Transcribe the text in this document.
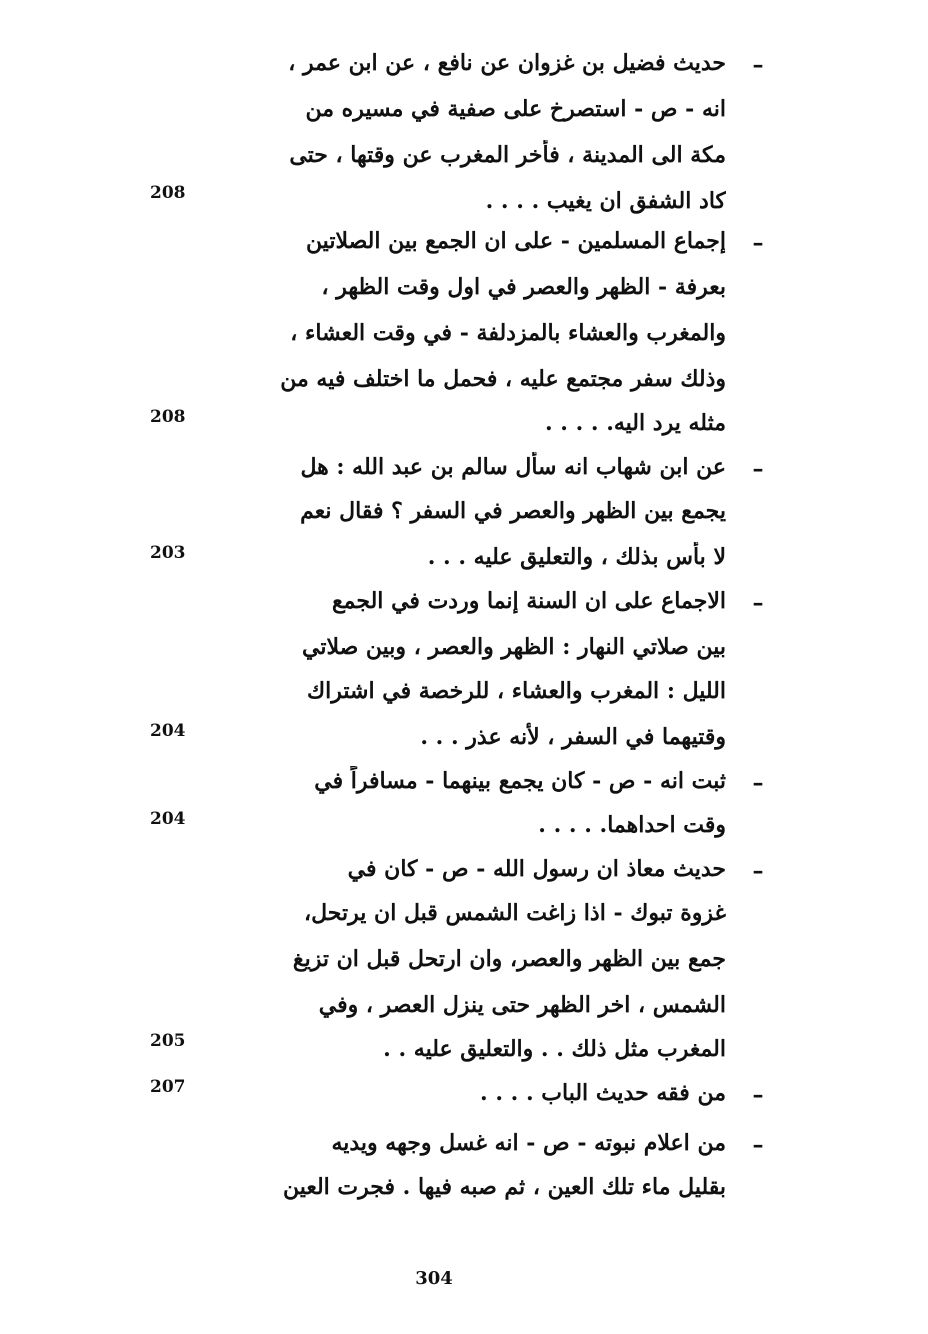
–
حديث فضيل بن غزوان عن نافع ، عن ابن عمر ،
انه - ص - استصرخ على صفية في مسيره من
مكة الى المدينة ، فأخر المغرب عن وقتها ، حتى
كاد الشفق ان يغيب . . . .
208
–
إجماع المسلمين - على ان الجمع بين الصلاتين
بعرفة - الظهر والعصر في اول وقت الظهر ،
والمغرب والعشاء بالمزدلفة - في وقت العشاء ،
وذلك سفر مجتمع عليه ، فحمل ما اختلف فيه من
مثله يرد اليه. . . . .
208
–
عن ابن شهاب انه سأل سالم بن عبد الله : هل
يجمع بين الظهر والعصر في السفر ؟ فقال نعم
لا بأس بذلك ، والتعليق عليه . . .
203
–
الاجماع على ان السنة إنما وردت في الجمع
بين صلاتي النهار : الظهر والعصر ، وبين صلاتي
الليل : المغرب والعشاء ، للرخصة في اشتراك
وقتيهما في السفر ، لأنه عذر . . .
204
–
ثبت انه - ص - كان يجمع بينهما - مسافراً في
وقت احداهما. . . . .
204
–
حديث معاذ ان رسول الله - ص - كان في
غزوة تبوك - اذا زاغت الشمس قبل ان يرتحل،
جمع بين الظهر والعصر، وان ارتحل قبل ان تزيغ
الشمس ، اخر الظهر حتى ينزل العصر ، وفي
المغرب مثل ذلك . . والتعليق عليه . .
205
–
من فقه حديث الباب . . . .
207
–
من اعلام نبوته - ص - انه غسل وجهه ويديه
بقليل ماء تلك العين ، ثم صبه فيها . فجرت العين
304
